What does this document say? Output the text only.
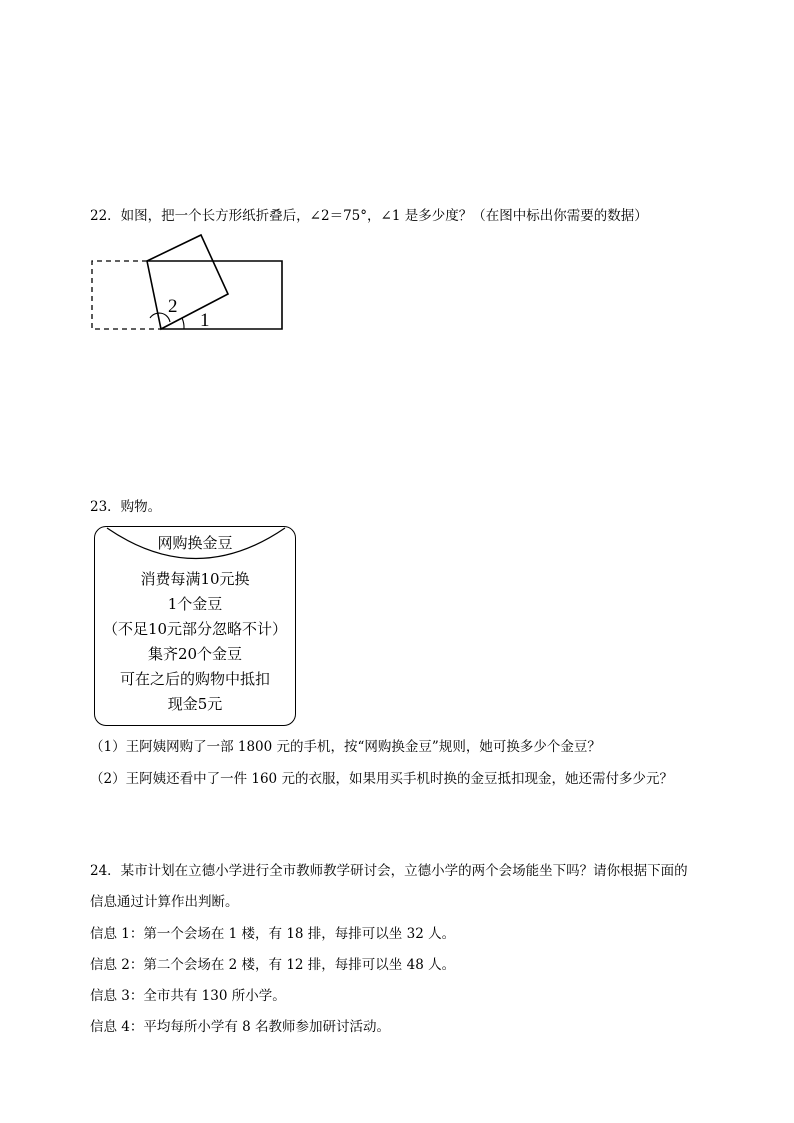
22．如图，把一个长方形纸折叠后，∠2＝75°，∠1 是多少度？（在图中标出你需要的数据）
2
1
23．购物。
网购换金豆
消费每满10元换
1个金豆
（不足10元部分忽略不计）
集齐20个金豆
可在之后的购物中抵扣
现金5元
（1）王阿姨网购了一部 1800 元的手机，按“网购换金豆”规则，她可换多少个金豆？
（2）王阿姨还看中了一件 160 元的衣服，如果用买手机时换的金豆抵扣现金，她还需付多少元？
24．某市计划在立德小学进行全市教师教学研讨会，立德小学的两个会场能坐下吗？请你根据下面的
信息通过计算作出判断。
信息 1：第一个会场在 1 楼，有 18 排，每排可以坐 32 人。
信息 2：第二个会场在 2 楼，有 12 排，每排可以坐 48 人。
信息 3：全市共有 130 所小学。
信息 4：平均每所小学有 8 名教师参加研讨活动。
